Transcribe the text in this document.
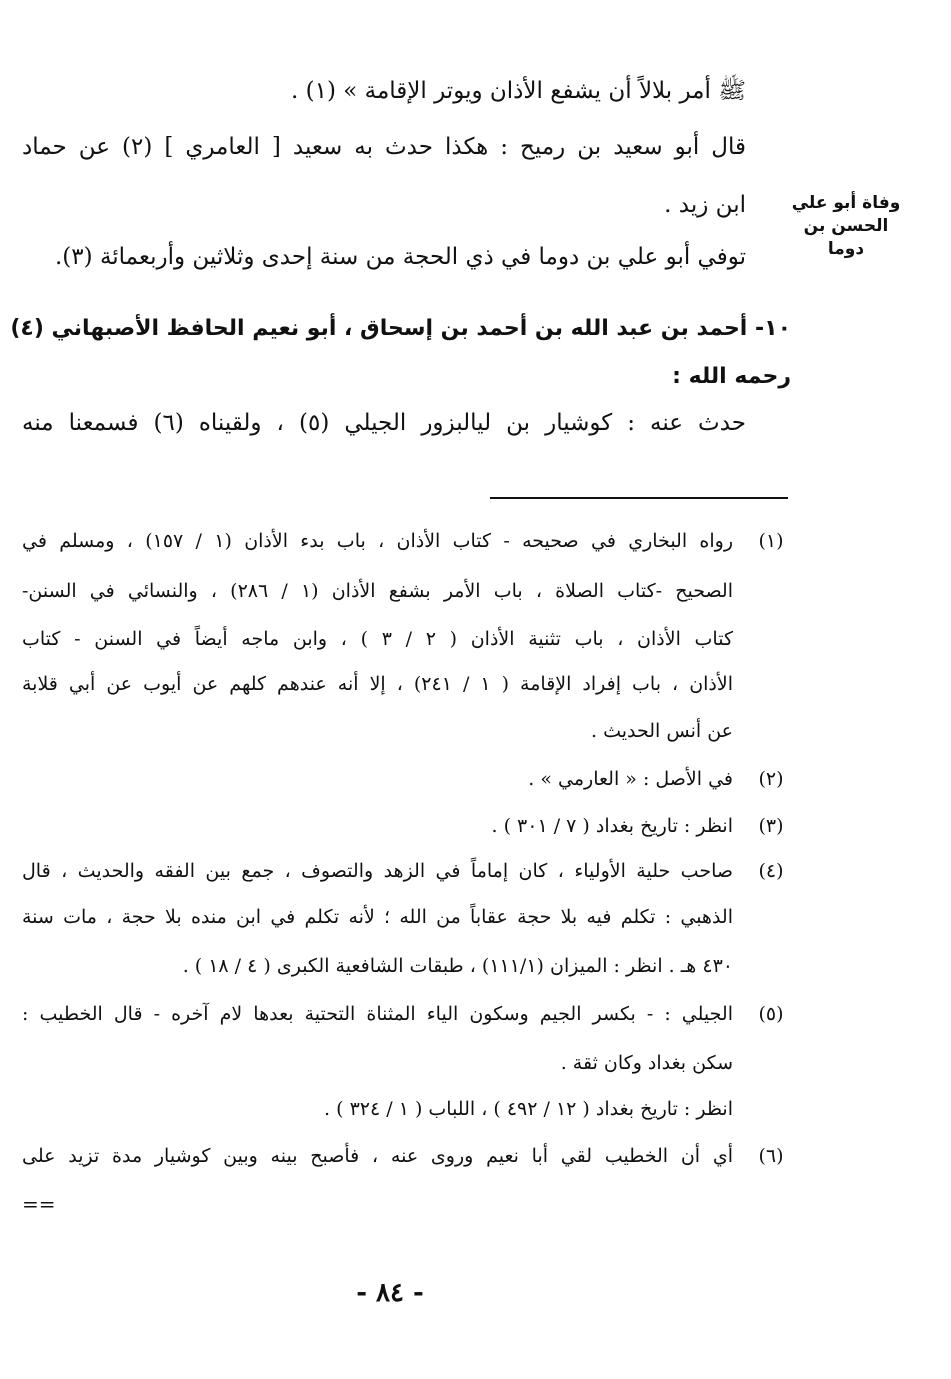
ﷺ أمر بلالاً أن يشفع الأذان ويوتر الإقامة » (١) .
قال أبو سعيد بن رميح : هكذا حدث به سعيد [ العامري ] (٢) عن حماد
ابن زيد .	وفاة أبو علي
الحسن بن
دوما
توفي أبو علي بن دوما في ذي الحجة من سنة إحدى وثلاثين وأربعمائة (٣).
١٠- أحمد بن عبد الله بن أحمد بن إسحاق ، أبو نعيم الحافظ الأصبهاني (٤)
رحمه الله :
حدث عنه : كوشيار بن ليالبزور الجيلي (٥) ، ولقيناه (٦) فسمعنا منه
(١)
رواه البخاري في صحيحه - كتاب الأذان ، باب بدء الأذان (١ / ١٥٧) ، ومسلم في
الصحيح -كتاب الصلاة ، باب الأمر بشفع الأذان (١ / ٢٨٦) ، والنسائي في السنن-
كتاب الأذان ، باب تثنية الأذان ( ٢ / ٣ ) ، وابن ماجه أيضاً في السنن - كتاب
الأذان ، باب إفراد الإقامة ( ١ / ٢٤١) ، إلا أنه عندهم كلهم عن أيوب عن أبي قلابة
عن أنس الحديث .
(٢)
في الأصل : « العارمي » .
(٣)
انظر : تاريخ بغداد ( ٧ / ٣٠١ ) .
(٤)
صاحب حلية الأولياء ، كان إماماً في الزهد والتصوف ، جمع بين الفقه والحديث ، قال
الذهبي : تكلم فيه بلا حجة عقاباً من الله ؛ لأنه تكلم في ابن منده بلا حجة ، مات سنة
٤٣٠ هـ . انظر : الميزان (١١١/١) ، طبقات الشافعية الكبرى ( ٤ / ١٨ ) .
(٥)
الجيلي : - بكسر الجيم وسكون الياء المثناة التحتية بعدها لام آخره - قال الخطيب :
سكن بغداد وكان ثقة .
انظر : تاريخ بغداد ( ١٢ / ٤٩٢ ) ، اللباب ( ١ / ٣٢٤ ) .
(٦)
أي أن الخطيب لقي أبا نعيم وروى عنه ، فأصبح بينه وبين كوشيار مدة تزيد على
==
- ٨٤ -
